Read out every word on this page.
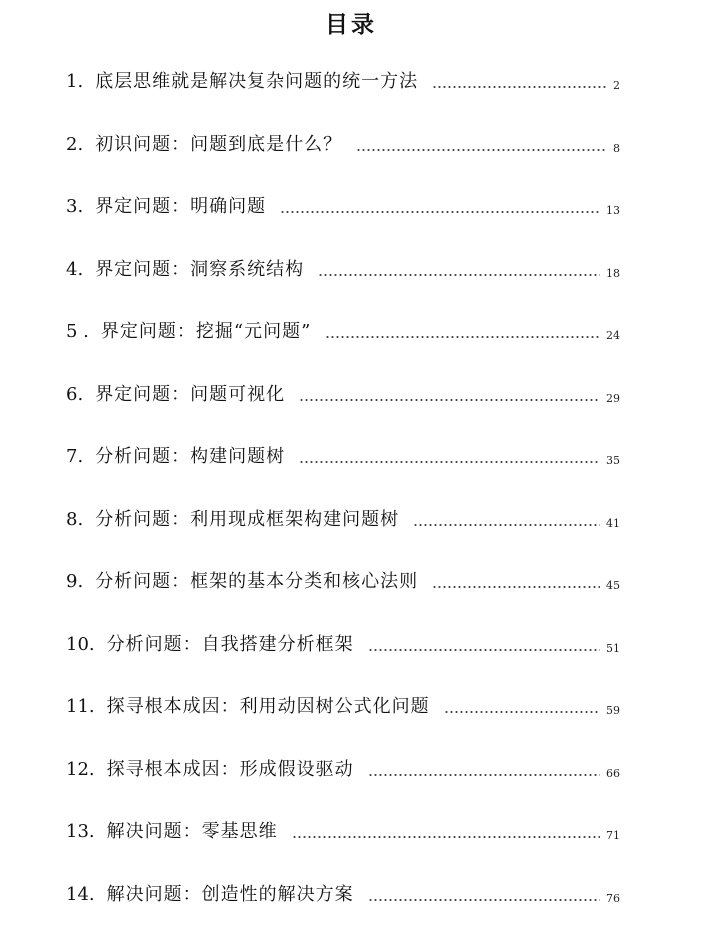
目录
1. 底层思维就是解决复杂问题的统一方法	2
2. 初识问题：问题到底是什么？	8
3. 界定问题：明确问题	13
4. 界定问题：洞察系统结构	18
5 . 界定问题：挖掘“元问题”	24
6. 界定问题：问题可视化	29
7. 分析问题：构建问题树	35
8. 分析问题：利用现成框架构建问题树	41
9. 分析问题：框架的基本分类和核心法则	45
10. 分析问题：自我搭建分析框架	51
11. 探寻根本成因：利用动因树公式化问题	59
12. 探寻根本成因：形成假设驱动	66
13. 解决问题：零基思维	71
14. 解决问题：创造性的解决方案	76
